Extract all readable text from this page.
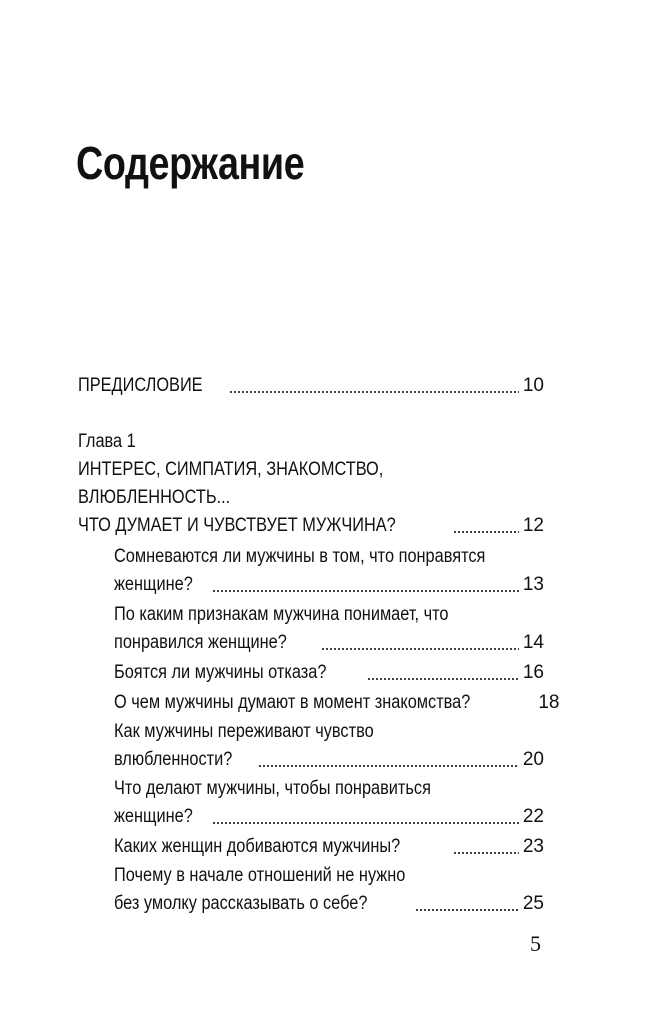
Содержание
ПРЕДИСЛОВИЕ	10
Глава 1
ИНТЕРЕС, СИМПАТИЯ, ЗНАКОМСТВО,
ВЛЮБЛЕННОСТЬ...
ЧТО ДУМАЕТ И ЧУВСТВУЕТ МУЖЧИНА?	12
Сомневаются ли мужчины в том, что понравятся
женщине?	13
По каким признакам мужчина понимает, что
понравился женщине?	14
Боятся ли мужчины отказа?	16
О чем мужчины думают в момент знакомства?	18
Как мужчины переживают чувство
влюбленности?	20
Что делают мужчины, чтобы понравиться
женщине?	22
Каких женщин добиваются мужчины?	23
Почему в начале отношений не нужно
без умолку рассказывать о себе?	25
5
